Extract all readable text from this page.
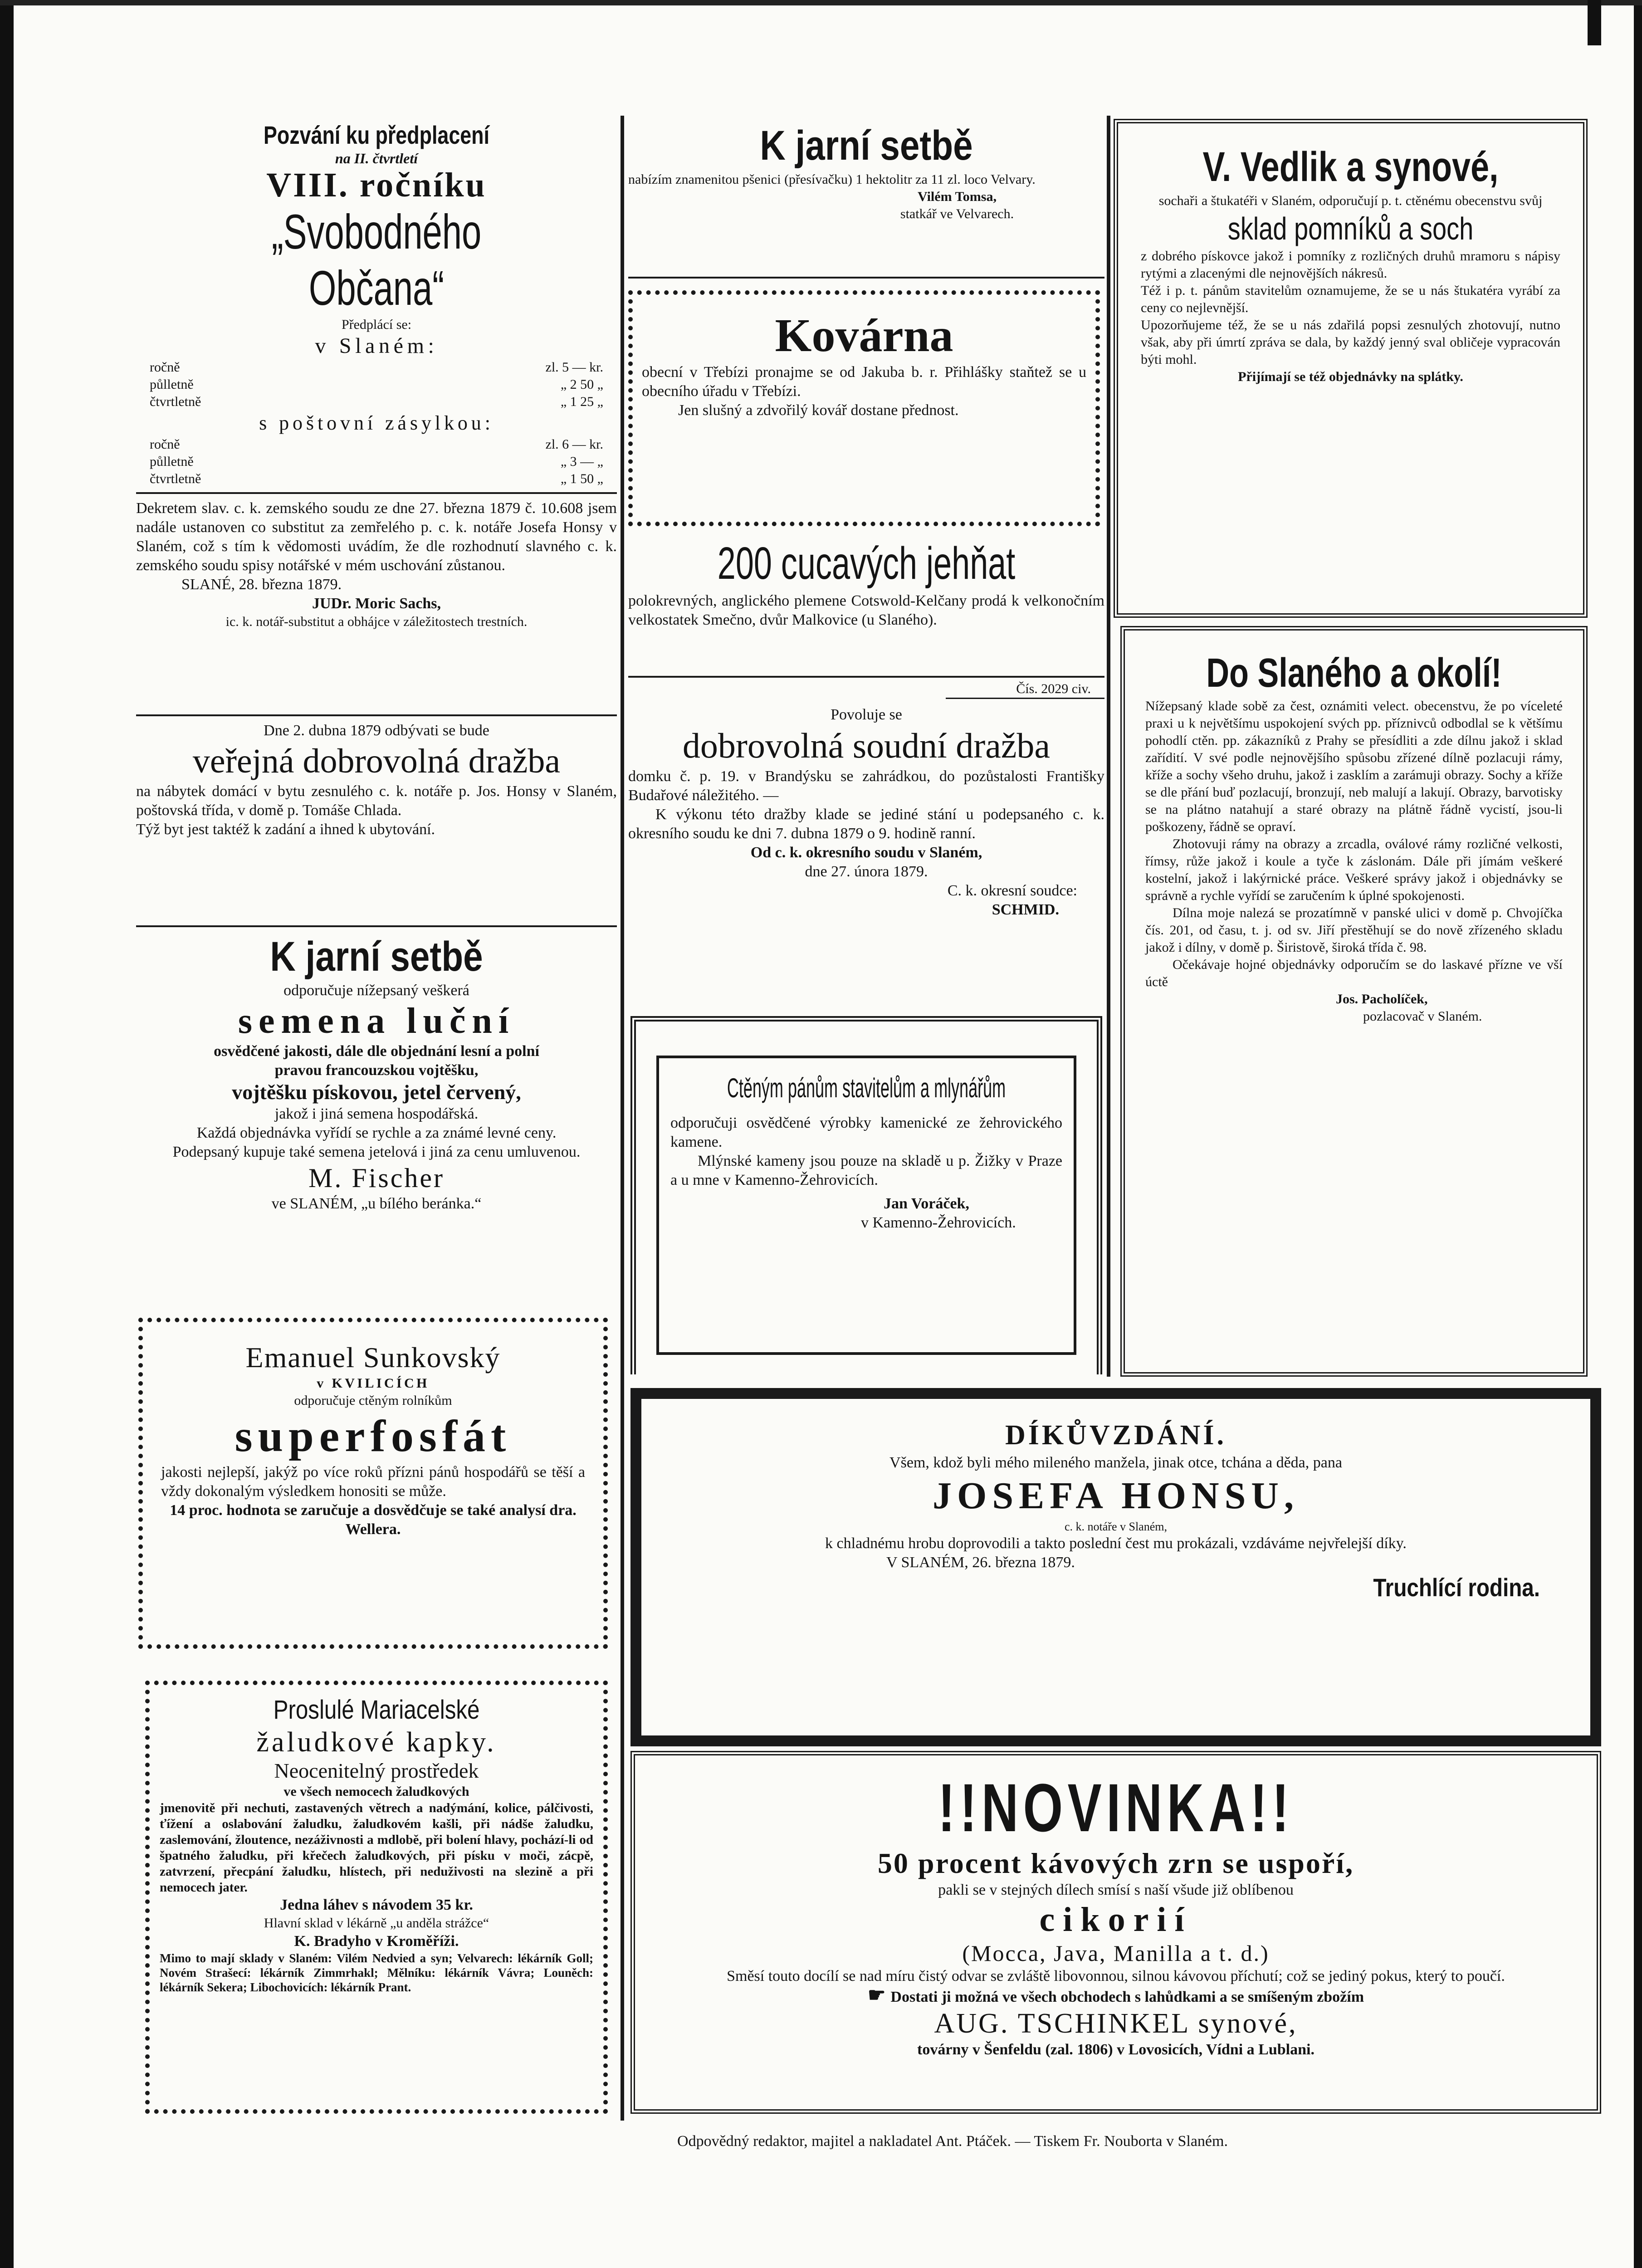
Pozvání ku předplacení

na II. čtvrtletí

VIII. ročníku

„Svobodného Občana“

Předplácí se:

v Slaném:

ročně	zl. 5 — kr.
půlletně	„ 2 50 „
čtvrtletně	„ 1 25 „

s poštovní zásylkou:

ročně	zl. 6 — kr.
půlletně	„ 3 — „
čtvrtletně	„ 1 50 „

Dekretem slav. c. k. zemského soudu ze dne 27. března 1879 č. 10.608 jsem nadále ustanoven co substitut za zemřelého p. c. k. notáře Josefa Honsy v Slaném, což s tím k vědomosti uvádím, že dle rozhodnutí slavného c. k. zemského soudu spisy notářské v mém uschování zůstanou.

SLANÉ, 28. března 1879.

JUDr. Moric Sachs,

ic. k. notář-substitut a obhájce v záležitostech trestních.

Dne 2. dubna 1879 odbývati se bude

veřejná dobrovolná dražba

na nábytek domácí v bytu zesnulého c. k. notáře p. Jos. Honsy v Slaném, poštovská třída, v domě p. Tomáše Chlada.

Týž byt jest taktéž k zadání a ihned k ubytování.

K jarní setbě

odporučuje nížepsaný veškerá

semena luční

osvědčené jakosti, dále dle objednání lesní a polní

pravou francouzskou vojtěšku,

vojtěšku pískovou, jetel červený,

jakož i jiná semena hospodářská.

Každá objednávka vyřídí se rychle a za známé levné ceny.

Podepsaný kupuje také semena jetelová i jiná za cenu umluvenou.

M. Fischer

ve SLANÉM, „u bílého beránka.“

Emanuel Sunkovský

v KVILICÍCH

odporučuje ctěným rolníkům

superfosfát

jakosti nejlepší, jakýž po více roků přízni pánů hospodářů se těší a vždy dokonalým výsledkem honositi se může.

14 proc. hodnota se zaručuje a dosvědčuje se také analysí dra. Wellera.

Proslulé Mariacelské

žaludkové kapky.

Neocenitelný prostředek

ve všech nemocech žaludkových

jmenovitě při nechuti, zastavených větrech a nadýmání, kolice, pálčivosti, ťížení a oslabování žaludku, žaludkovém kašli, při nádše žaludku, zaslemování, žloutence, nezáživnosti a mdlobě, při bolení hlavy, pochází-li od špatného žaludku, při křečech žaludkových, při písku v moči, zácpě, zatvrzení, přecpání žaludku, hlístech, při neduživosti na slezině a při nemocech jater.

Jedna láhev s návodem 35 kr.

Hlavní sklad v lékárně „u anděla strážce“

K. Bradyho v Kroměříži.

Mimo to mají sklady v Slaném: Vilém Nedvied a syn; Velvarech: lékárník Goll; Novém Strašecí: lékárník Zimmrhakl; Mělníku: lékárník Vávra; Louněch: lékárník Sekera; Libochovicích: lékárník Prant.

K jarní setbě

nabízím znamenitou pšenici (přesívačku) 1 hektolitr za 11 zl. loco Velvary.

Vilém Tomsa,

statkář ve Velvarech.

Kovárna

obecní v Třebízi pronajme se od Jakuba b. r. Přihlášky staňtež se u obecního úřadu v Třebízi.

Jen slušný a zdvořilý kovář dostane přednost.

200 cucavých jehňat

polokrevných, anglického plemene Cotswold-Kelčany prodá k velkonočním velkostatek Smečno, dvůr Malkovice (u Slaného).

Čís. 2029 civ.

Povoluje se

dobrovolná soudní dražba

domku č. p. 19. v Brandýsku se zahrádkou, do pozůstalosti Františky Budařové náležitého. —

K výkonu této dražby klade se jediné stání u podepsaného c. k. okresního soudu ke dni 7. dubna 1879 o 9. hodině ranní.

Od c. k. okresního soudu v Slaném,

dne 27. února 1879.

C. k. okresní soudce:

SCHMID.

Ctěným pánům stavitelům a mlynářům

odporučuji osvědčené výrobky kamenické ze žehrovického kamene.

Mlýnské kameny jsou pouze na skladě u p. Žižky v Praze a u mne v Kamenno-Žehrovicích.

Jan Voráček,

v Kamenno-Žehrovicích.

V. Vedlik a synové,

sochaři a štukatéři v Slaném, odporučují p. t. ctěnému obecenstvu svůj

sklad pomníků a soch

z dobrého pískovce jakož i pomníky z rozličných druhů mramoru s nápisy rytými a zlacenými dle nejnovějších nákresů.

Též i p. t. pánům stavitelům oznamujeme, že se u nás štukatéra vyrábí za ceny co nejlevnější.

Upozorňujeme též, že se u nás zdařilá popsi zesnulých zhotovují, nutno však, aby při úmrtí zpráva se dala, by každý jenný sval obličeje vypracován býti mohl.

Přijímají se též objednávky na splátky.

Do Slaného a okolí!

Nížepsaný klade sobě za čest, oznámiti velect. obecenstvu, že po víceleté praxi u k největšímu uspokojení svých pp. příznivců odbodlal se k většímu pohodlí ctěn. pp. zákazníků z Prahy se přesídliti a zde dílnu jakož i sklad zařídití. V své podle nejnovějšího spůsobu zřízené dílně pozlacuji rámy, kříže a sochy všeho druhu, jakož i zasklím a zarámuji obrazy. Sochy a kříže se dle přání buď pozlacují, bronzují, neb malují a lakují. Obrazy, barvotisky se na plátno natahují a staré obrazy na plátně řádně vycistí, jsou-li poškozeny, řádně se opraví.

Zhotovuji rámy na obrazy a zrcadla, oválové rámy rozličné velkosti, římsy, růže jakož i koule a tyče k záslonám. Dále při jímám veškeré kostelní, jakož i lakýrnické práce. Veškeré správy jakož i objednávky se správně a rychle vyřídí se zaručením k úplné spokojenosti.

Dílna moje nalezá se prozatímně v panské ulici v domě p. Chvojíčka čís. 201, od času, t. j. od sv. Jiří přestěhují se do nově zřízeného skladu jakož i dílny, v domě p. Širistově, široká třída č. 98.

Očekávaje hojné objednávky odporučím se do laskavé přízne ve vší úctě

Jos. Pacholíček,

pozlacovač v Slaném.

DÍKŮVZDÁNÍ.

Všem, kdož byli mého mileného manžela, jinak otce, tchána a děda, pana

JOSEFA HONSU,

c. k. notáře v Slaném,

k chladnému hrobu doprovodili a takto poslední čest mu prokázali, vzdáváme nejvřelejší díky.

V SLANÉM, 26. března 1879.

Truchlící rodina.

!!NOVINKA!!

50 procent kávových zrn se uspoří,

pakli se v stejných dílech smísí s naší všude již oblíbenou

cikorií

(Mocca, Java, Manilla a t. d.)

Směsí touto docílí se nad míru čistý odvar se zvláště libovonnou, silnou kávovou příchutí; což se jediný pokus, který to poučí.

☛ Dostati ji možná ve všech obchodech s lahůdkami a se smíšeným zbožím

AUG. TSCHINKEL synové,

továrny v Šenfeldu (zal. 1806) v Lovosicích, Vídni a Lublani.

Odpovědný redaktor, majitel a nakladatel Ant. Ptáček. — Tiskem Fr. Nouborta v Slaném.
